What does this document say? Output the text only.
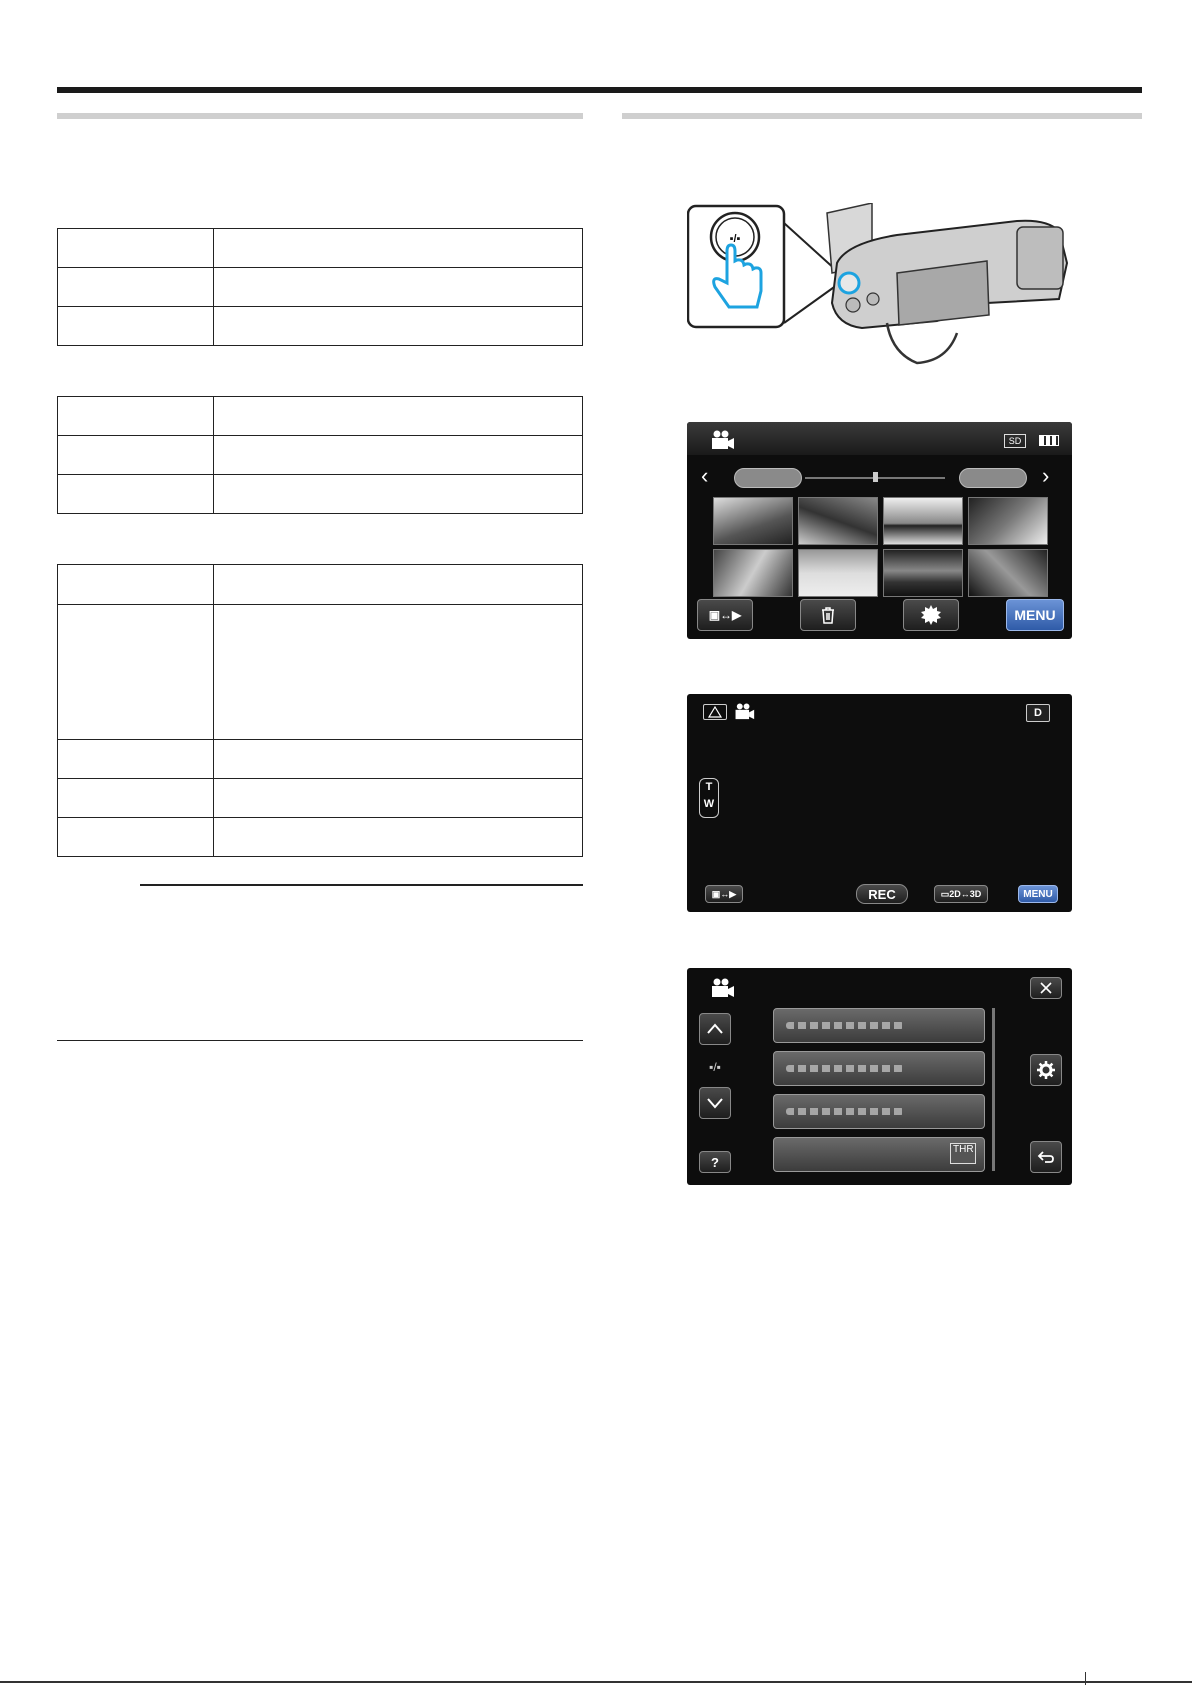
▪/▪
SD
‹	›
▣↔▶	MENU
D
T
W
▣↔▶	REC	▭2D↔3D	MENU
▪/▪
?
THR
